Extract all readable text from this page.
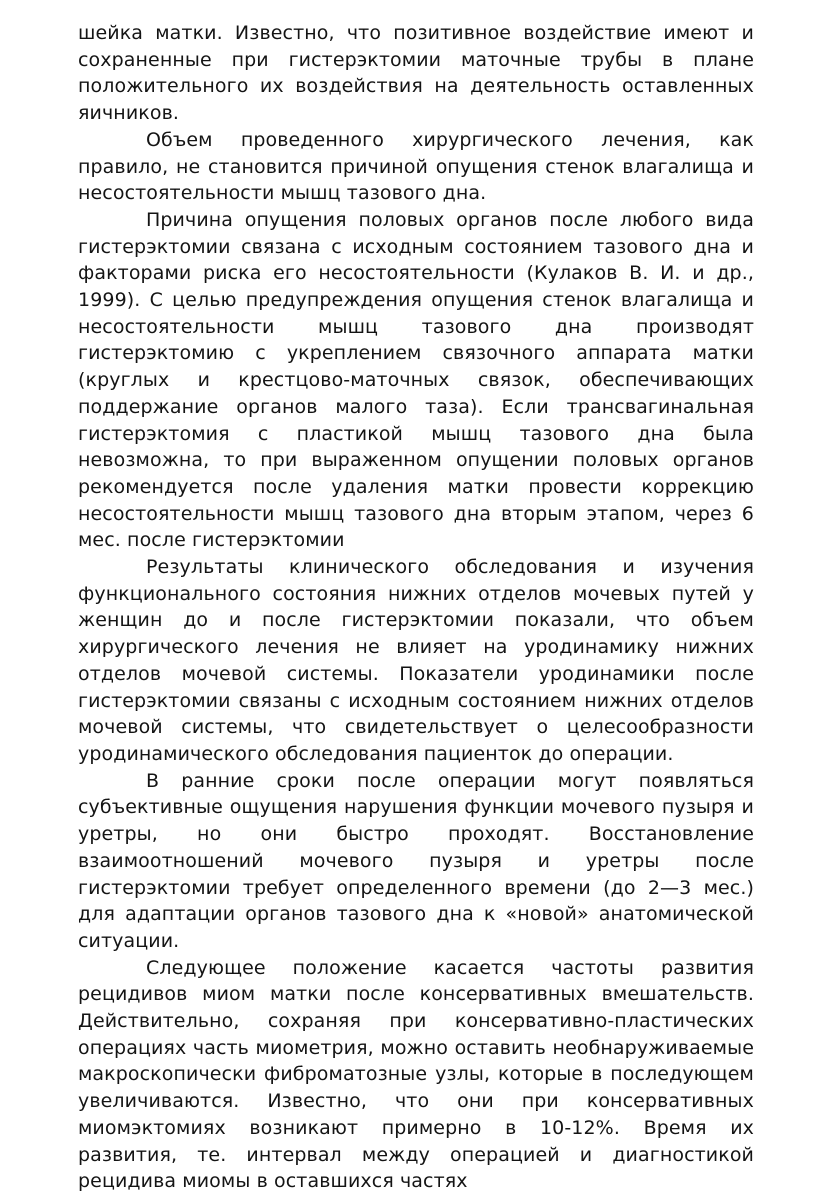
шейка матки. Известно, что позитивное воздействие имеют и сохраненные при гистерэктомии маточные трубы в плане положительного их воздействия на деятельность оставленных яичников.

Объем проведенного хирургического лечения, как правило, не становится причиной опущения стенок влагалища и несостоятельности мышц тазового дна.

Причина опущения половых органов после любого вида гистерэктомии связана с исходным состоянием тазового дна и факторами риска его несостоятельности (Кулаков В. И. и др., 1999). С целью предупреждения опущения стенок влагалища и несостоятельности мышц тазового дна производят гистерэктомию с укреплением связочного аппарата матки (круглых и крестцово-маточных связок, обеспечивающих поддержание органов малого таза). Если трансвагинальная гистерэктомия с пластикой мышц тазового дна была невозможна, то при выраженном опущении половых органов рекомендуется после удаления матки провести коррекцию несостоятельности мышц тазового дна вторым этапом, через 6 мес. после гистерэктомии

Результаты клинического обследования и изучения функционального состояния нижних отделов мочевых путей у женщин до и после гистерэктомии показали, что объем хирургического лечения не влияет на уродинамику нижних отделов мочевой системы. Показатели уродинамики после гистерэктомии связаны с исходным состоянием нижних отделов мочевой системы, что свидетельствует о целесообразности уродинамического обследования пациенток до операции.

В ранние сроки после операции могут появляться субъективные ощущения нарушения функции мочевого пузыря и уретры, но они быстро проходят. Восстановление взаимоотношений мочевого пузыря и уретры после гистерэктомии требует определенного времени (до 2—3 мес.) для адаптации органов тазового дна к «новой» анатомической ситуации.

Следующее положение касается частоты развития рецидивов миом матки после консервативных вмешательств. Действительно, сохраняя при консервативно-пластических операциях часть миометрия, можно оставить необнаруживаемые макроскопически фиброматозные узлы, которые в последующем увеличиваются. Известно, что они при консервативных миомэктомиях возникают примерно в 10-12%. Время их развития, те. интервал между операцией и диагностикой рецидива миомы в оставшихся частях
